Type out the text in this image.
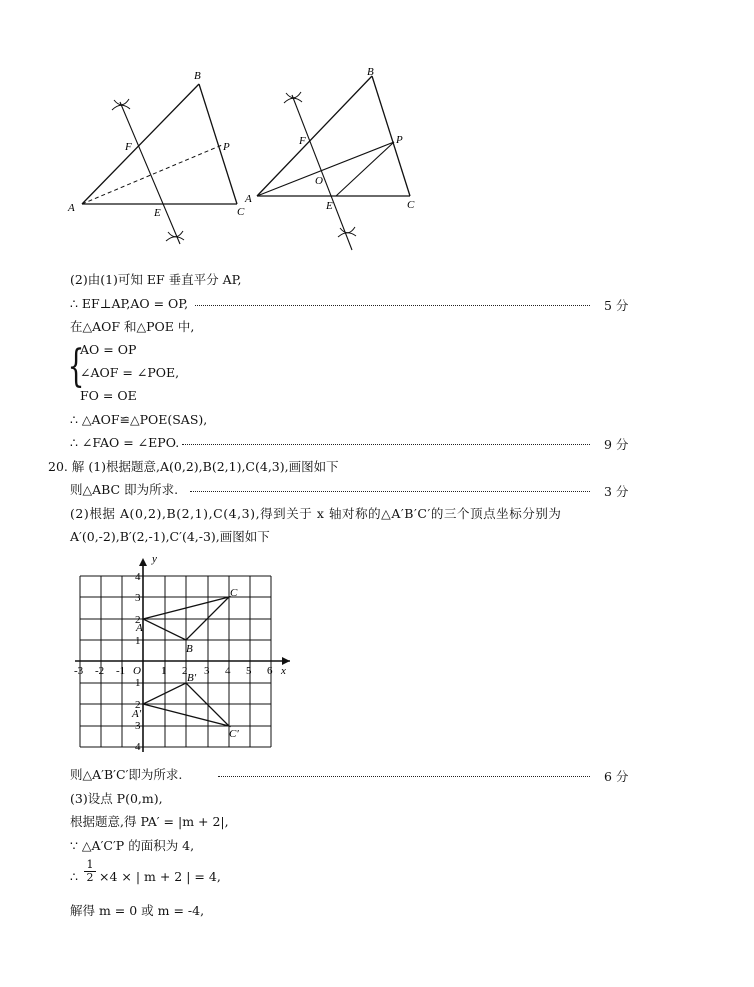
A
B
C
F
E
P
A
B
C
F
E
P
O
(2)由(1)可知 EF 垂直平分 AP,
∴ EF⊥AP,AO = OP,	5 分
在△AOF 和△POE 中,
{
AO = OP
∠AOF = ∠POE,
FO = OE
∴ △AOF≌△POE(SAS),
∴ ∠FAO = ∠EPO.	9 分
20. 解 (1)根据题意,A(0,2),B(2,1),C(4,3),画图如下
则△ABC 即为所求.	3 分
(2)根据 A(0,2),B(2,1),C(4,3),得到关于 x 轴对称的△A′B′C′的三个顶点坐标分别为
A′(0,-2),B′(2,-1),C′(4,-3),画图如下
x
y
-3 -2 -1 O 1 2 3 4 5 6
4
3
2
1
1
2
3
4
A
B
C
A′
B′
C′
则△A′B′C′即为所求.	6 分
(3)设点 P(0,m),
根据题意,得 PA′ = |m + 2|,
∵ △A′C′P 的面积为 4,
∴ $\frac{1}{2} \times 4$ × | m + 2 | = 4,
解得 m = 0 或 m = -4,
